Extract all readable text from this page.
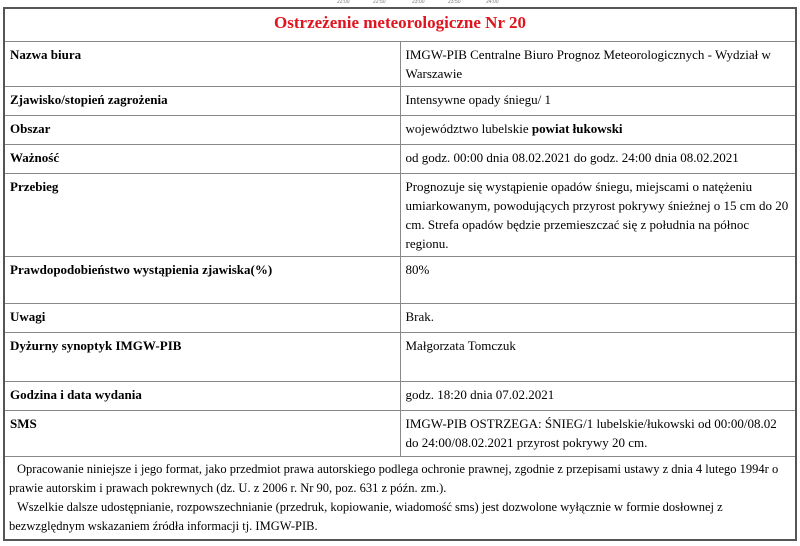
22:00	22:50	23:00	23:50	24:00
Ostrzeżenie meteorologiczne Nr 20	
Nazwa biura	IMGW-PIB Centralne Biuro Prognoz Meteorologicznych - Wydział w Warszawie
Zjawisko/stopień zagrożenia	Intensywne opady śniegu/ 1
Obszar	województwo lubelskie powiat łukowski
Ważność	od godz. 00:00 dnia 08.02.2021 do godz. 24:00 dnia 08.02.2021
Przebieg	Prognozuje się wystąpienie opadów śniegu, miejscami o natężeniu umiarkowanym, powodujących przyrost pokrywy śnieżnej o 15 cm do 20 cm. Strefa opadów będzie przemieszczać się z południa na północ regionu.
Prawdopodobieństwo wystąpienia zjawiska(%)	80%
Uwagi	Brak.
Dyżurny synoptyk IMGW-PIB	Małgorzata Tomczuk
Godzina i data wydania	godz. 18:20 dnia 07.02.2021
SMS	IMGW-PIB OSTRZEGA: ŚNIEG/1 lubelskie/łukowski od 00:00/08.02 do 24:00/08.02.2021 przyrost pokrywy 20 cm.

Opracowanie niniejsze i jego format, jako przedmiot prawa autorskiego podlega ochronie prawnej, zgodnie z przepisami ustawy z dnia 4 lutego 1994r o prawie autorskim i prawach pokrewnych (dz. U. z 2006 r. Nr 90, poz. 631 z późn. zm.).

Wszelkie dalsze udostępnianie, rozpowszechnianie (przedruk, kopiowanie, wiadomość sms) jest dozwolone wyłącznie w formie dosłownej z bezwzględnym wskazaniem źródła informacji tj. IMGW-PIB.	
